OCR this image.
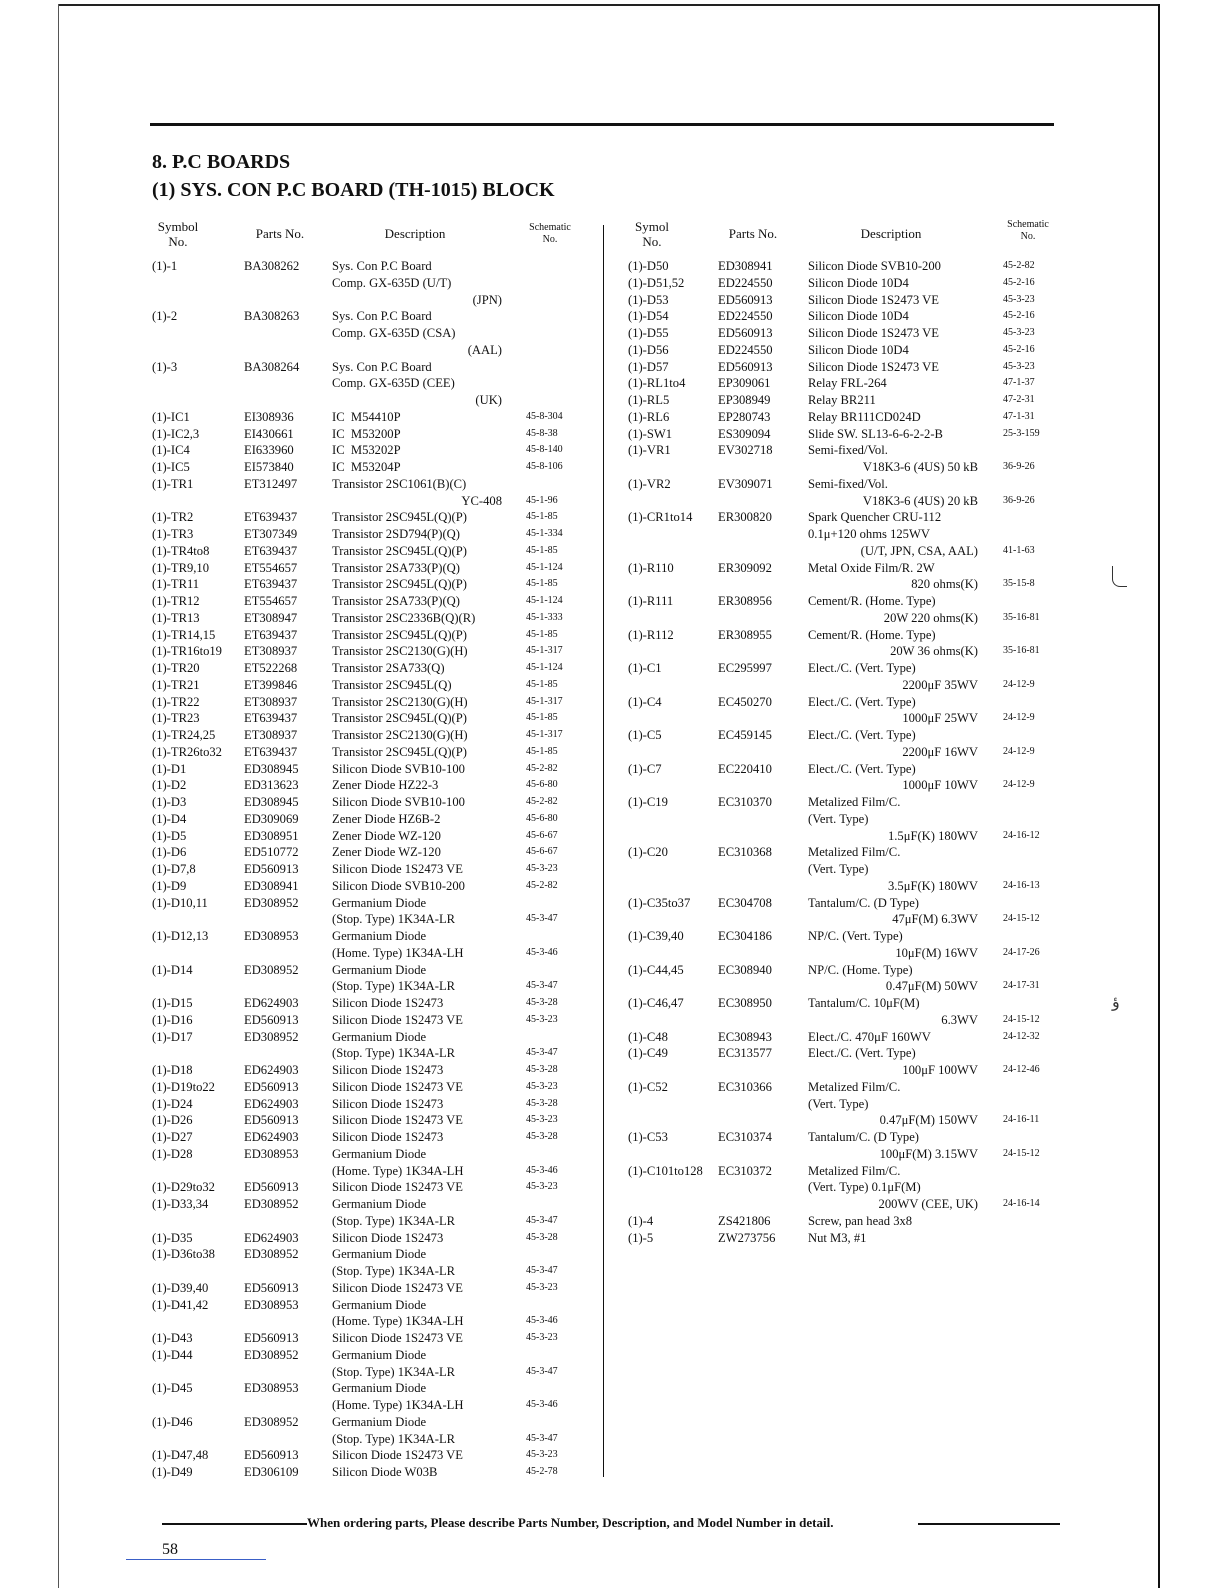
8. P.C BOARDS
(1) SYS. CON P.C BOARD (TH-1015) BLOCK
Symbol
No.
Parts No.	Description	Schematic
No.
Symol
No.
Parts No.	Description
Schematic
No.
(1)-1	BA308262	Sys. Con P.C Board
Comp. GX-635D (U/T)
(JPN)
(1)-2	BA308263	Sys. Con P.C Board
Comp. GX-635D (CSA)
(AAL)
(1)-3	BA308264	Sys. Con P.C Board
Comp. GX-635D (CEE)
(UK)
(1)-IC1	EI308936	IC  M54410P	45-8-304
(1)-IC2,3	EI430661	IC  M53200P	45-8-38
(1)-IC4	EI633960	IC  M53202P	45-8-140
(1)-IC5	EI573840	IC  M53204P	45-8-106
(1)-TR1	ET312497	Transistor 2SC1061(B)(C)
YC-408 45-1-96
(1)-TR2	ET639437	Transistor 2SC945L(Q)(P)	45-1-85
(1)-TR3	ET307349	Transistor 2SD794(P)(Q)	45-1-334
(1)-TR4to8	ET639437	Transistor 2SC945L(Q)(P)	45-1-85
(1)-TR9,10	ET554657	Transistor 2SA733(P)(Q)	45-1-124
(1)-TR11	ET639437	Transistor 2SC945L(Q)(P)	45-1-85
(1)-TR12	ET554657	Transistor 2SA733(P)(Q)	45-1-124
(1)-TR13	ET308947	Transistor 2SC2336B(Q)(R)	45-1-333
(1)-TR14,15 ET639437	Transistor 2SC945L(Q)(P)	45-1-85
(1)-TR16to19 ET308937	Transistor 2SC2130(G)(H)	45-1-317
(1)-TR20	ET522268	Transistor 2SA733(Q)	45-1-124
(1)-TR21	ET399846	Transistor 2SC945L(Q)	45-1-85
(1)-TR22	ET308937	Transistor 2SC2130(G)(H)	45-1-317
(1)-TR23	ET639437	Transistor 2SC945L(Q)(P)	45-1-85
(1)-TR24,25 ET308937	Transistor 2SC2130(G)(H)	45-1-317
(1)-TR26to32 ET639437	Transistor 2SC945L(Q)(P)	45-1-85
(1)-D1	ED308945	Silicon Diode SVB10-100	45-2-82
(1)-D2	ED313623	Zener Diode HZ22-3	45-6-80
(1)-D3	ED308945	Silicon Diode SVB10-100	45-2-82
(1)-D4	ED309069	Zener Diode HZ6B-2	45-6-80
(1)-D5	ED308951	Zener Diode WZ-120	45-6-67
(1)-D6	ED510772	Zener Diode WZ-120	45-6-67
(1)-D7,8	ED560913	Silicon Diode 1S2473 VE	45-3-23
(1)-D9	ED308941	Silicon Diode SVB10-200	45-2-82
(1)-D10,11	ED308952	Germanium Diode
(Stop. Type) 1K34A-LR	45-3-47
(1)-D12,13	ED308953	Germanium Diode
(Home. Type) 1K34A-LH	45-3-46
(1)-D14	ED308952	Germanium Diode
(Stop. Type) 1K34A-LR	45-3-47
(1)-D15	ED624903	Silicon Diode 1S2473	45-3-28
(1)-D16	ED560913	Silicon Diode 1S2473 VE	45-3-23
(1)-D17	ED308952	Germanium Diode
(Stop. Type) 1K34A-LR	45-3-47
(1)-D18	ED624903	Silicon Diode 1S2473	45-3-28
(1)-D19to22 ED560913	Silicon Diode 1S2473 VE	45-3-23
(1)-D24	ED624903	Silicon Diode 1S2473	45-3-28
(1)-D26	ED560913	Silicon Diode 1S2473 VE	45-3-23
(1)-D27	ED624903	Silicon Diode 1S2473	45-3-28
(1)-D28	ED308953	Germanium Diode
(Home. Type) 1K34A-LH	45-3-46
(1)-D29to32 ED560913	Silicon Diode 1S2473 VE	45-3-23
(1)-D33,34	ED308952	Germanium Diode
(Stop. Type) 1K34A-LR	45-3-47
(1)-D35	ED624903	Silicon Diode 1S2473	45-3-28
(1)-D36to38 ED308952	Germanium Diode
(Stop. Type) 1K34A-LR	45-3-47
(1)-D39,40	ED560913	Silicon Diode 1S2473 VE	45-3-23
(1)-D41,42	ED308953	Germanium Diode
(Home. Type) 1K34A-LH	45-3-46
(1)-D43	ED560913	Silicon Diode 1S2473 VE	45-3-23
(1)-D44	ED308952	Germanium Diode
(Stop. Type) 1K34A-LR	45-3-47
(1)-D45	ED308953	Germanium Diode
(Home. Type) 1K34A-LH	45-3-46
(1)-D46	ED308952	Germanium Diode
(Stop. Type) 1K34A-LR	45-3-47
(1)-D47,48	ED560913	Silicon Diode 1S2473 VE	45-3-23
(1)-D49	ED306109	Silicon Diode W03B	45-2-78
(1)-D50	ED308941	Silicon Diode SVB10-200	45-2-82
(1)-D51,52	ED224550	Silicon Diode 10D4	45-2-16
(1)-D53	ED560913	Silicon Diode 1S2473 VE	45-3-23
(1)-D54	ED224550	Silicon Diode 10D4	45-2-16
(1)-D55	ED560913	Silicon Diode 1S2473 VE	45-3-23
(1)-D56	ED224550	Silicon Diode 10D4	45-2-16
(1)-D57	ED560913	Silicon Diode 1S2473 VE	45-3-23
(1)-RL1to4	EP309061	Relay FRL-264	47-1-37
(1)-RL5	EP308949	Relay BR211	47-2-31
(1)-RL6	EP280743	Relay BR111CD024D	47-1-31
(1)-SW1	ES309094	Slide SW. SL13-6-6-2-2-B	25-3-159
(1)-VR1	EV302718	Semi-fixed/Vol.
V18K3-6 (4US) 50 kB	36-9-26
(1)-VR2	EV309071	Semi-fixed/Vol.
V18K3-6 (4US) 20 kB	36-9-26
(1)-CR1to14 ER300820	Spark Quencher CRU-112
0.1μ+120 ohms 125WV
(U/T, JPN, CSA, AAL)	41-1-63
(1)-R110	ER309092	Metal Oxide Film/R. 2W
820 ohms(K)	35-15-8
(1)-R111	ER308956	Cement/R. (Home. Type)
20W 220 ohms(K)	35-16-81
(1)-R112	ER308955	Cement/R. (Home. Type)
20W 36 ohms(K)	35-16-81
(1)-C1	EC295997	Elect./C. (Vert. Type)
2200μF 35WV	24-12-9
(1)-C4	EC450270	Elect./C. (Vert. Type)
1000μF 25WV	24-12-9
(1)-C5	EC459145	Elect./C. (Vert. Type)
2200μF 16WV	24-12-9
(1)-C7	EC220410	Elect./C. (Vert. Type)
1000μF 10WV	24-12-9
(1)-C19	EC310370	Metalized Film/C.
(Vert. Type)
1.5μF(K) 180WV	24-16-12
(1)-C20	EC310368	Metalized Film/C.
(Vert. Type)
3.5μF(K) 180WV	24-16-13
(1)-C35to37 EC304708	Tantalum/C. (D Type)
47μF(M) 6.3WV	24-15-12
(1)-C39,40	EC304186	NP/C. (Vert. Type)
10μF(M) 16WV	24-17-26
(1)-C44,45	EC308940	NP/C. (Home. Type)
0.47μF(M) 50WV	24-17-31
(1)-C46,47	EC308950	Tantalum/C. 10μF(M)
6.3WV	24-15-12
(1)-C48	EC308943	Elect./C. 470μF 160WV	24-12-32
(1)-C49	EC313577	Elect./C. (Vert. Type)
100μF 100WV	24-12-46
(1)-C52	EC310366	Metalized Film/C.
(Vert. Type)
0.47μF(M) 150WV	24-16-11
(1)-C53	EC310374	Tantalum/C. (D Type)
100μF(M) 3.15WV	24-15-12
(1)-C101to128 EC310372	Metalized Film/C.
(Vert. Type) 0.1μF(M)
200WV (CEE, UK)	24-16-14
(1)-4	ZS421806	Screw, pan head 3x8
(1)-5	ZW273756	Nut M3, #1
When ordering parts, Please describe Parts Number, Description, and Model Number in detail.
58
ؤ
